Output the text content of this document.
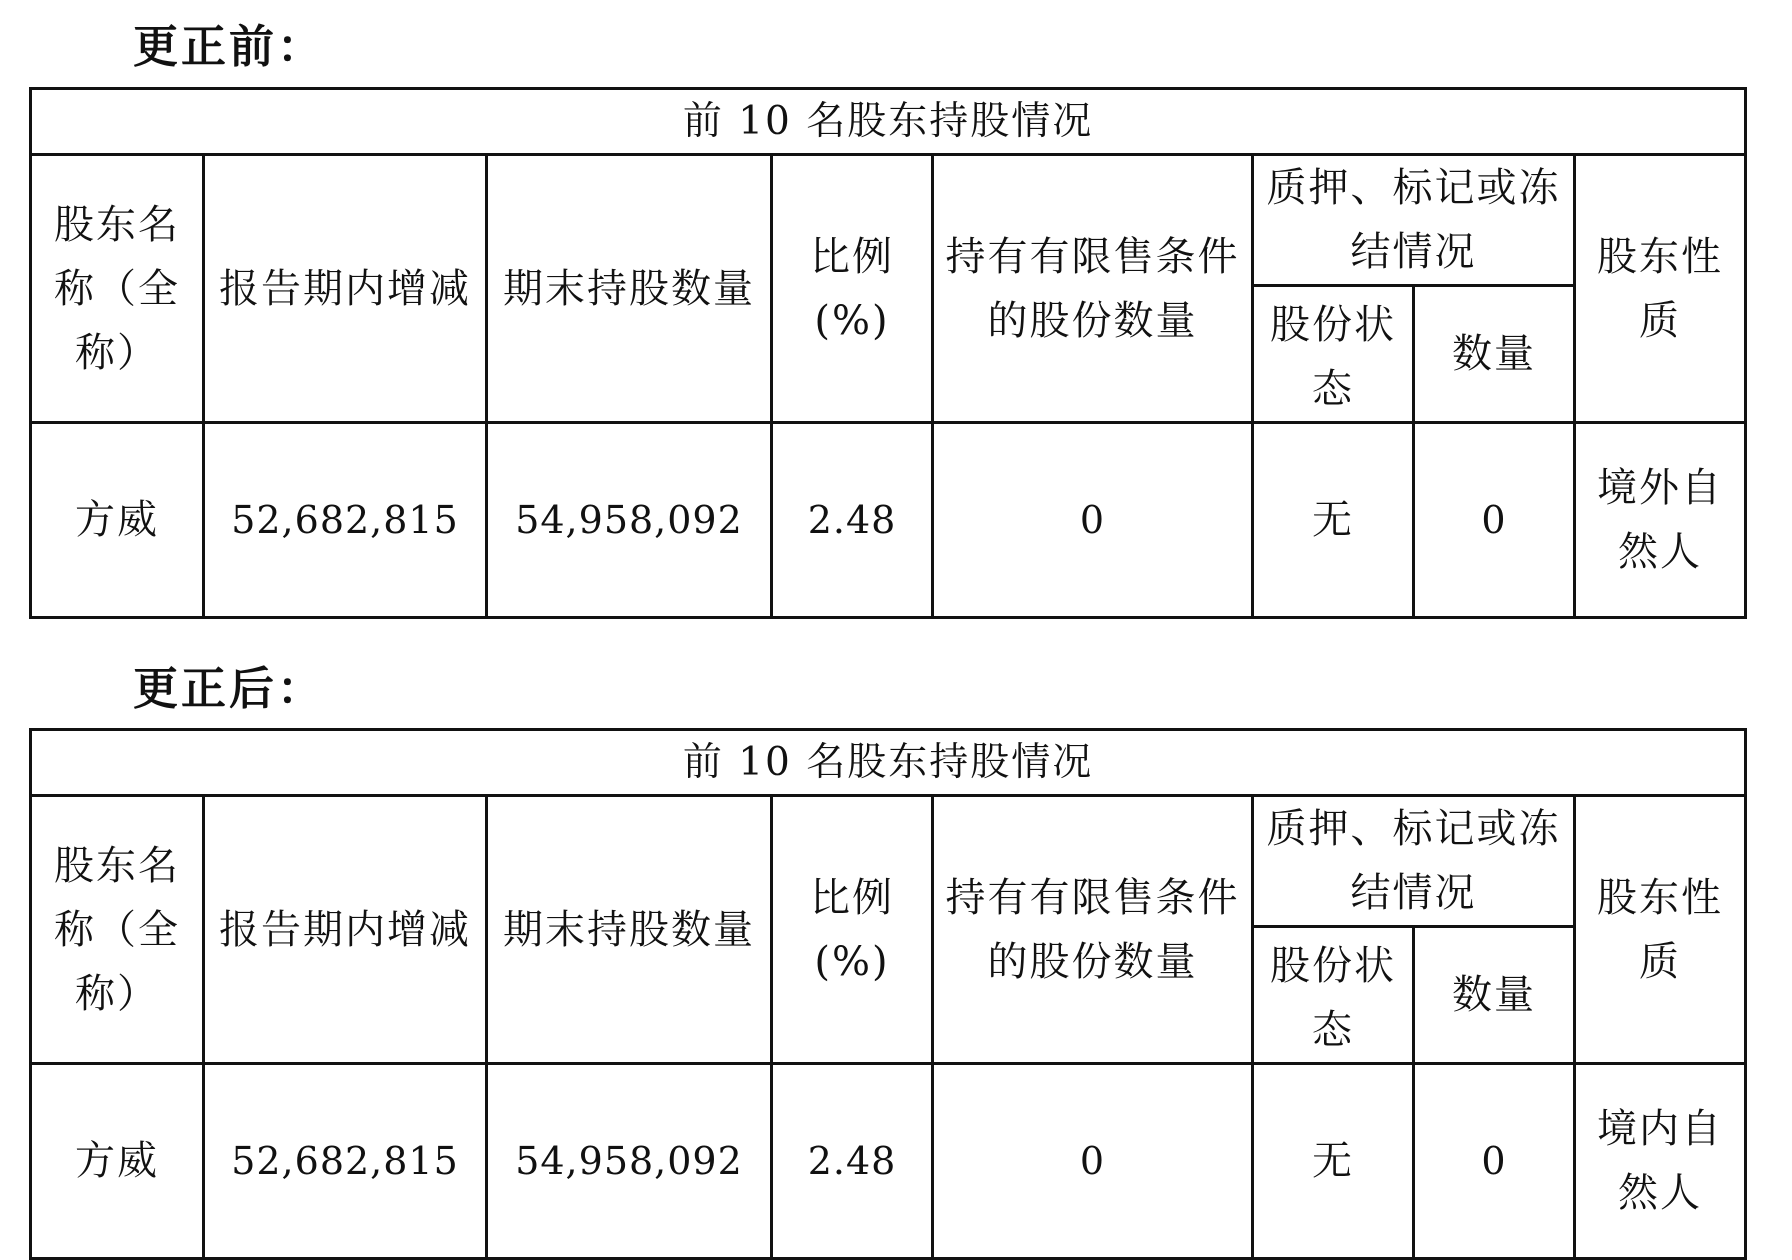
更正前：
前 10 名股东持股情况							
股东名称（全称）	报告期内增减	期末持股数量	比例(%)	持有有限售条件的股份数量	质押、标记或冻结情况		股东性质
					股份状态	数量	
方威	52,682,815	54,958,092	2.48	0	无	0	境外自然人
更正后：
前 10 名股东持股情况							
股东名称（全称）	报告期内增减	期末持股数量	比例(%)	持有有限售条件的股份数量	质押、标记或冻结情况		股东性质
					股份状态	数量	
方威	52,682,815	54,958,092	2.48	0	无	0	境内自然人
